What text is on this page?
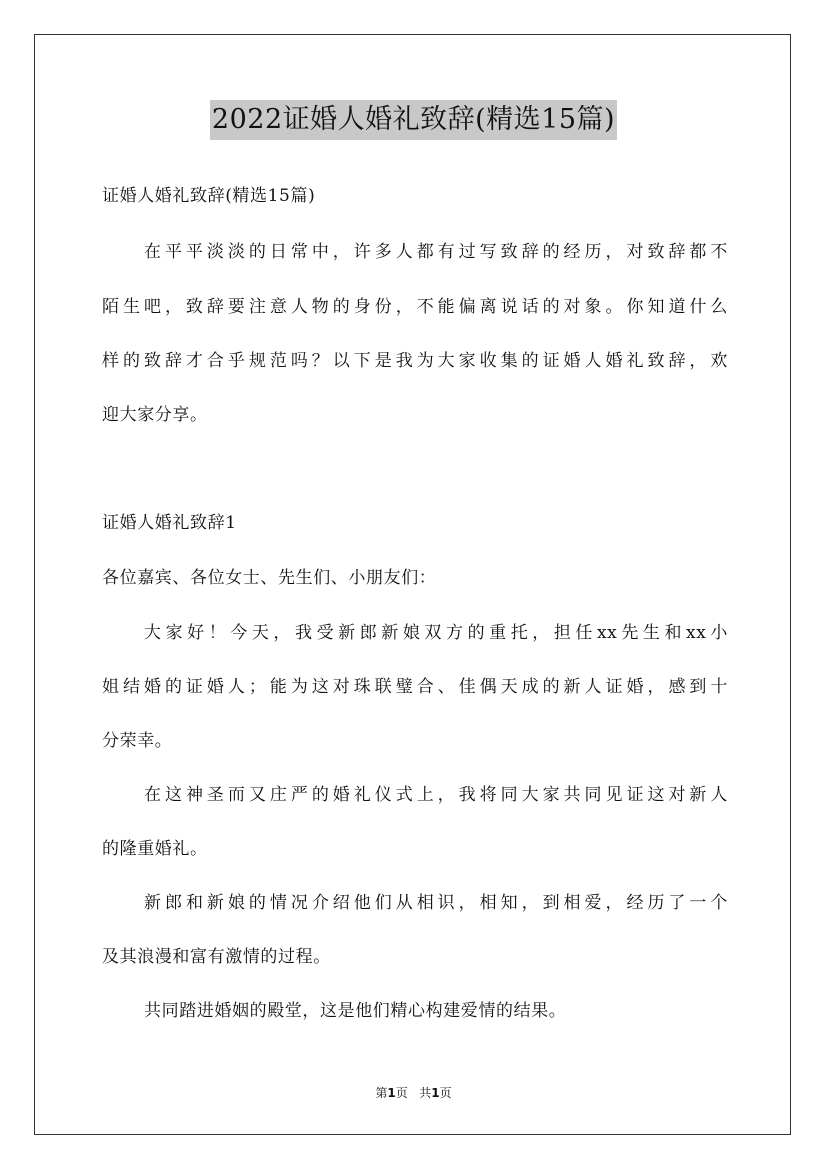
2022证婚人婚礼致辞(精选15篇)
证婚人婚礼致辞(精选15篇)
在平平淡淡的日常中，许多人都有过写致辞的经历，对致辞都不
陌生吧，致辞要注意人物的身份，不能偏离说话的对象。你知道什么
样的致辞才合乎规范吗？以下是我为大家收集的证婚人婚礼致辞，欢
迎大家分享。
证婚人婚礼致辞1
各位嘉宾、各位女士、先生们、小朋友们：
大家好！今天，我受新郎新娘双方的重托，担任xx先生和xx小
姐结婚的证婚人；能为这对珠联璧合、佳偶天成的新人证婚，感到十
分荣幸。
在这神圣而又庄严的婚礼仪式上，我将同大家共同见证这对新人
的隆重婚礼。
新郎和新娘的情况介绍他们从相识，相知，到相爱，经历了一个
及其浪漫和富有激情的过程。
共同踏进婚姻的殿堂，这是他们精心构建爱情的结果。
第1页 共1页
